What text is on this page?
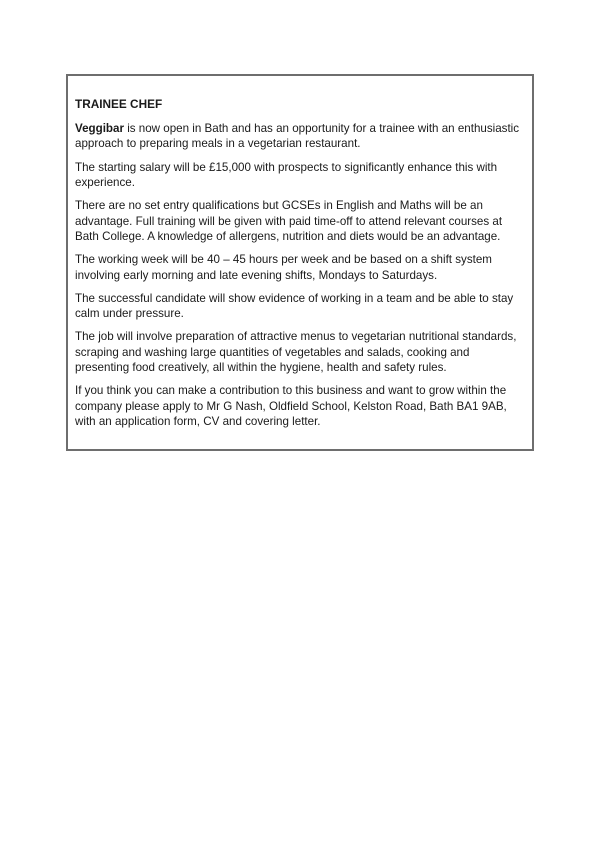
TRAINEE CHEF

Veggibar is now open in Bath and has an opportunity for a trainee with an enthusiastic approach to preparing meals in a vegetarian restaurant.

The starting salary will be £15,000 with prospects to significantly enhance this with experience.

There are no set entry qualifications but GCSEs in English and Maths will be an advantage. Full training will be given with paid time-off to attend relevant courses at Bath College. A knowledge of allergens, nutrition and diets would be an advantage.

The working week will be 40 – 45 hours per week and be based on a shift system involving early morning and late evening shifts, Mondays to Saturdays.

The successful candidate will show evidence of working in a team and be able to stay calm under pressure.

The job will involve preparation of attractive menus to vegetarian nutritional standards, scraping and washing large quantities of vegetables and salads, cooking and presenting food creatively, all within the hygiene, health and safety rules.

If you think you can make a contribution to this business and want to grow within the company please apply to Mr G Nash, Oldfield School, Kelston Road, Bath BA1 9AB, with an application form, CV and covering letter.
